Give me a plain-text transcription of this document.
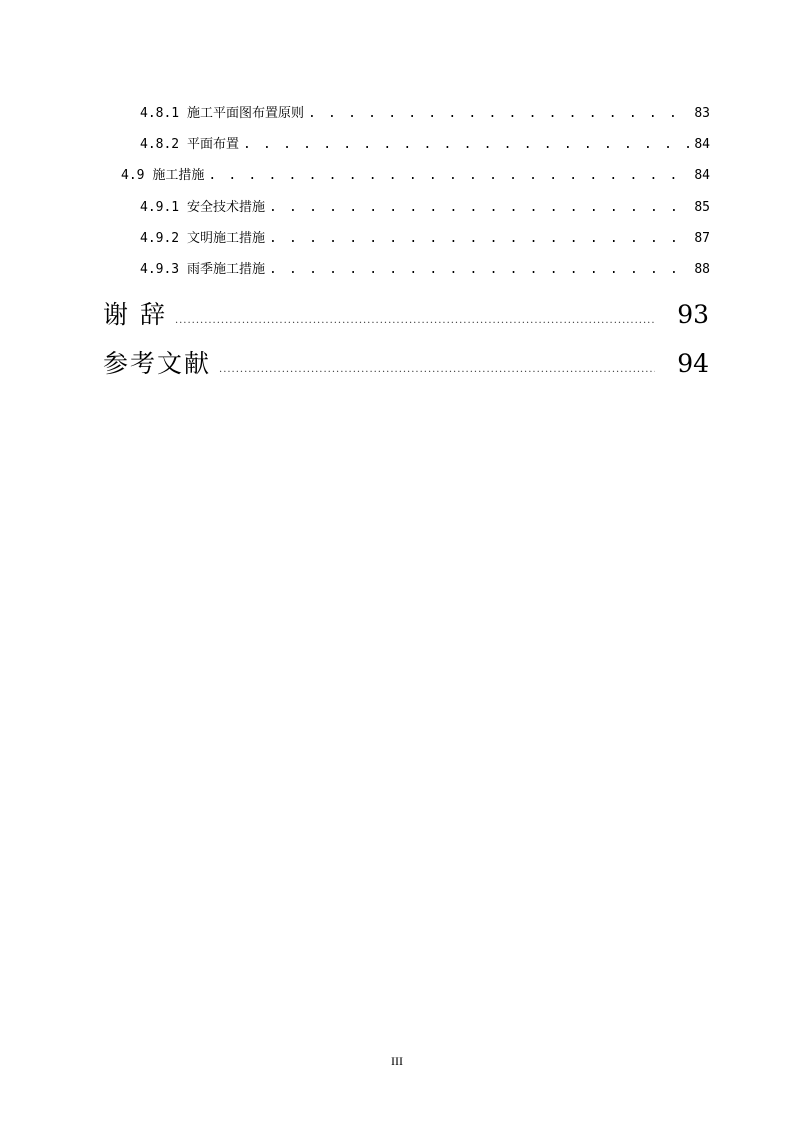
4.8.1 施工平面图布置原则 . . .	83
4.8.2 平面布置 . . .	84
4.9 施工措施 . . .	84
4.9.1 安全技术措施 . . .	85
4.9.2 文明施工措施 . . .	87
4.9.3 雨季施工措施 . . .	88
谢 辞 .....	93
参考文献 .....	94
III
